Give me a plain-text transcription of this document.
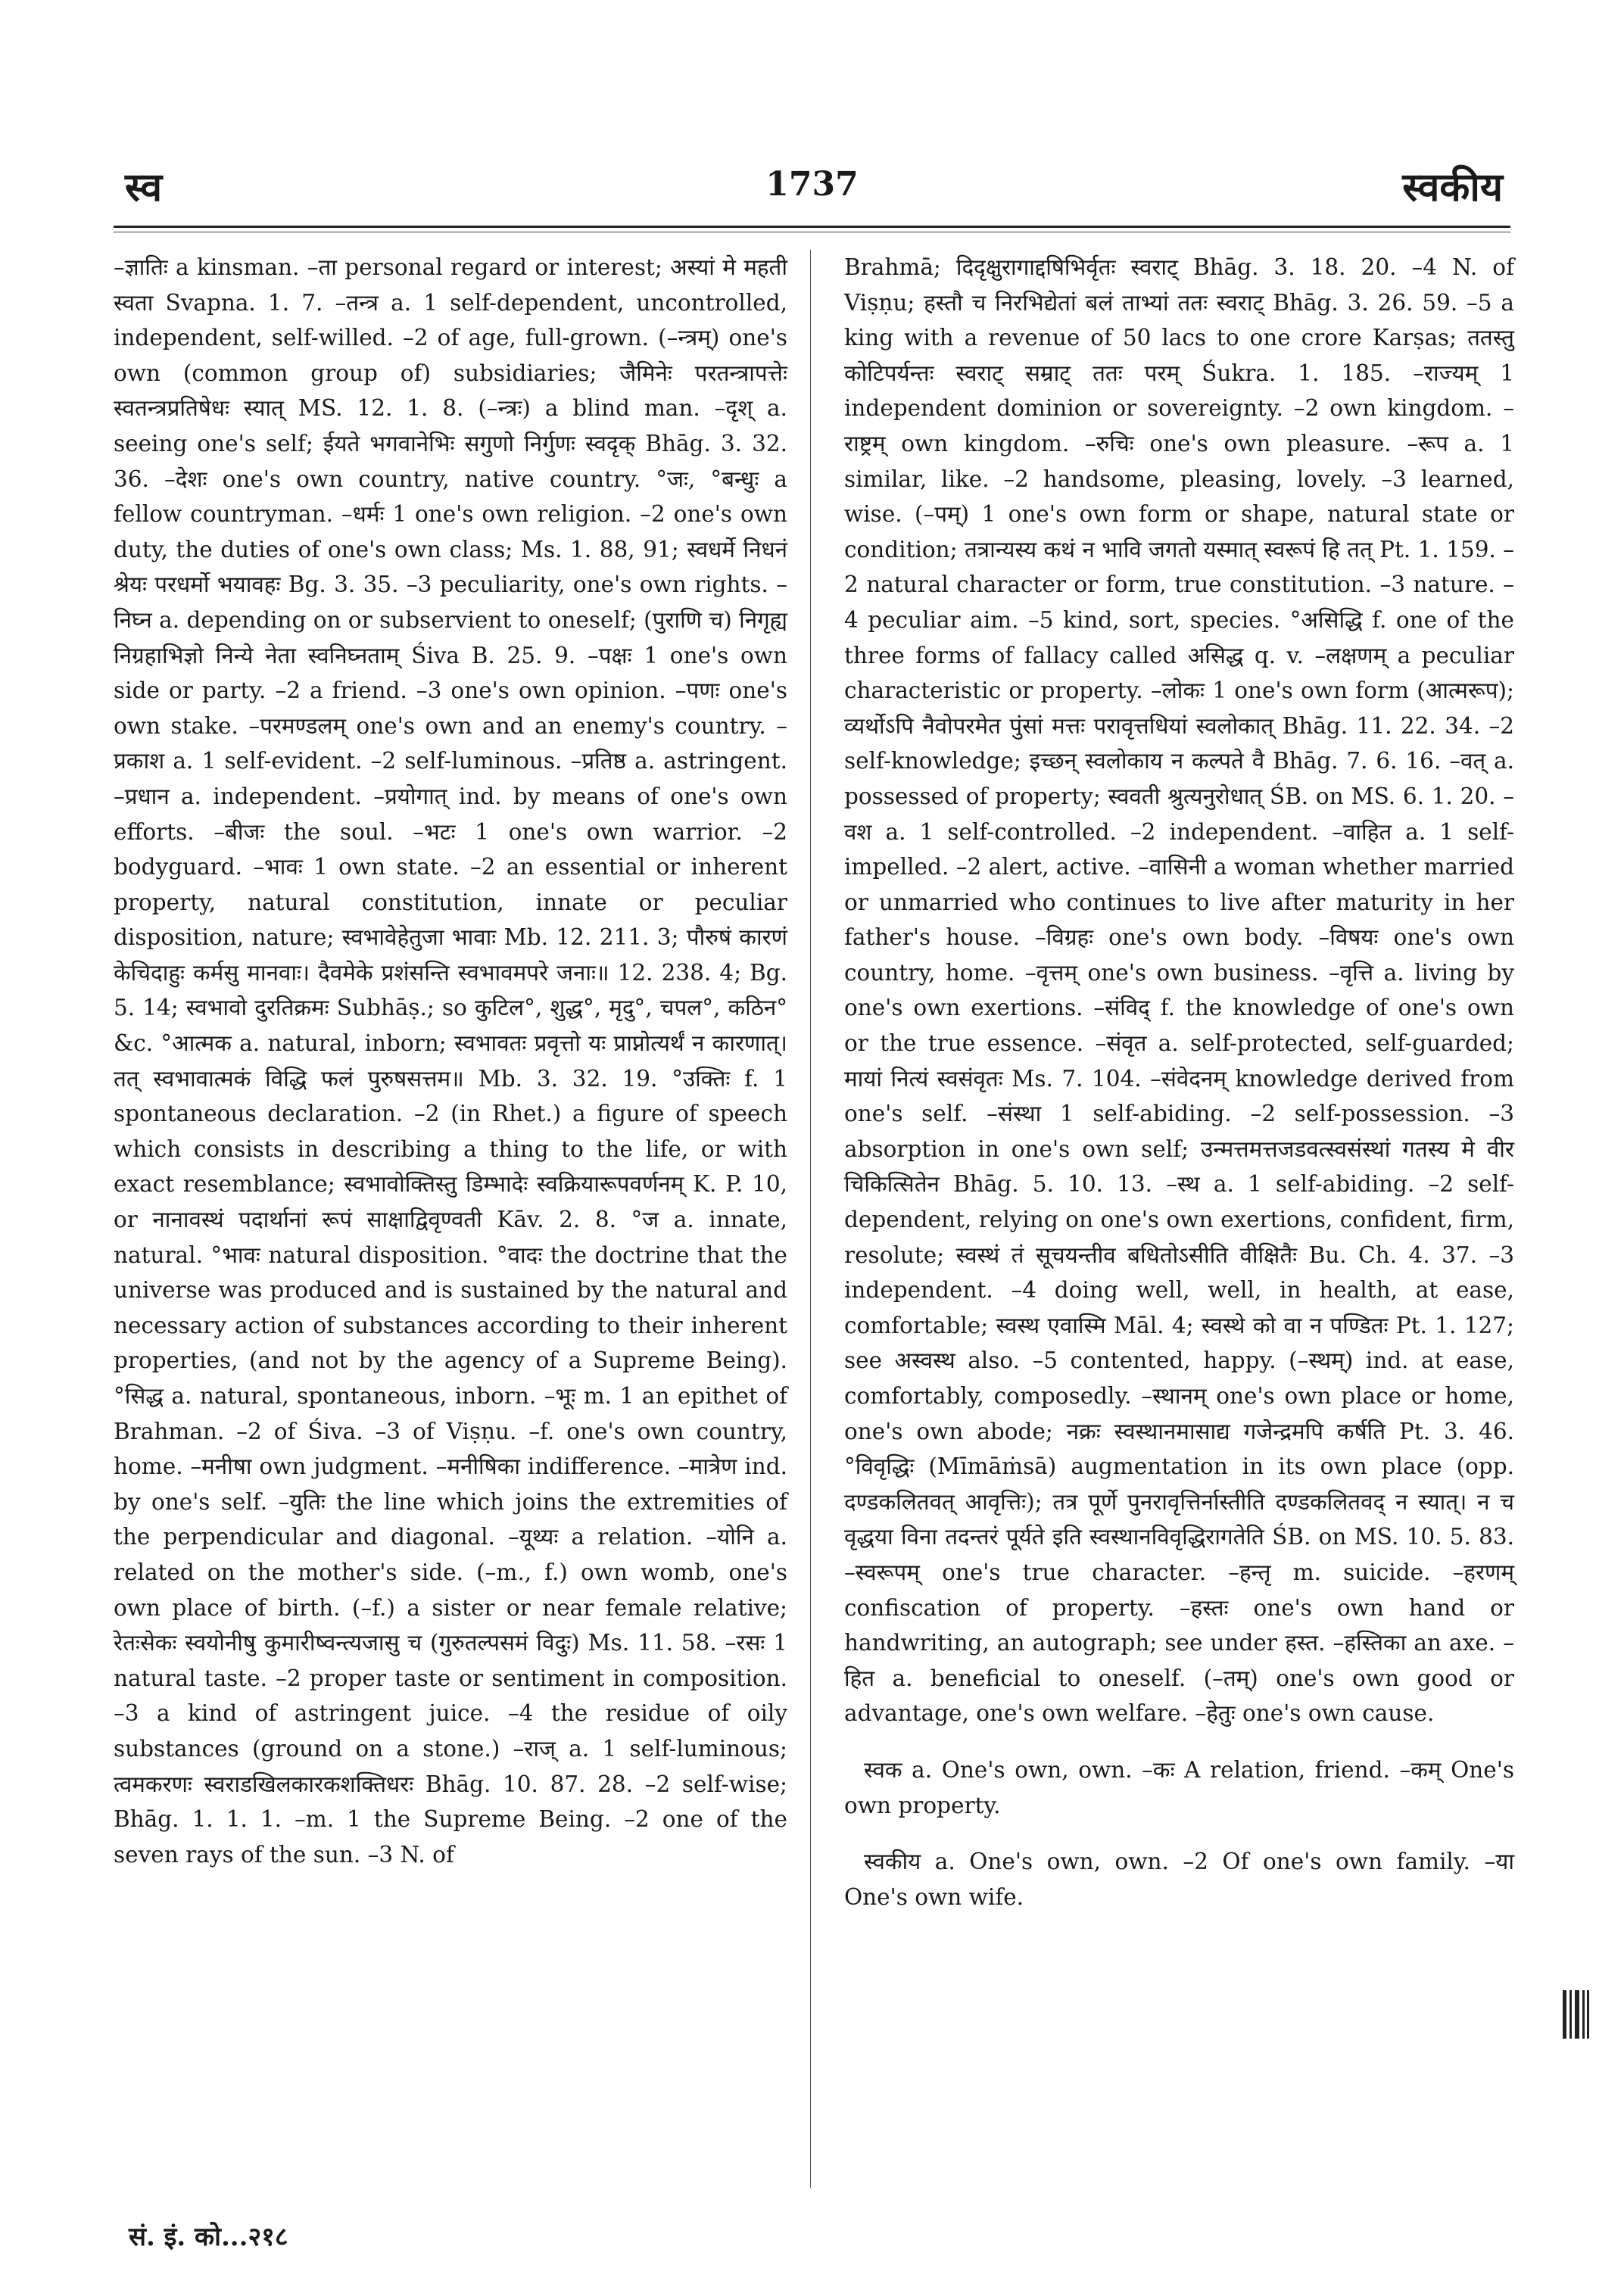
स्व	1737	स्वकीय

–ज्ञातिः a kinsman. –ता personal regard or interest; अस्यां मे महती स्वता Svapna. 1. 7. –तन्त्र a. 1 self-dependent, uncontrolled, independent, self-willed. –2 of age, full-grown. (–न्त्रम्) one's own (common group of) subsidiaries; जैमिनेः परतन्त्रापत्तेः स्वतन्त्रप्रतिषेधः स्यात् MS. 12. 1. 8. (–न्त्रः) a blind man. –दृश् a. seeing one's self; ईयते भगवानेभिः सगुणो निर्गुणः स्वदृक् Bhāg. 3. 32. 36. –देशः one's own country, native country. °जः, °बन्धुः a fellow countryman. –धर्मः 1 one's own religion. –2 one's own duty, the duties of one's own class; Ms. 1. 88, 91; स्वधर्मे निधनं श्रेयः परधर्मो भयावहः Bg. 3. 35. –3 peculiarity, one's own rights. –निघ्न a. depending on or subservient to oneself; (पुराणि च) निगृह्य निग्रहाभिज्ञो निन्ये नेता स्वनिघ्नताम् Śiva B. 25. 9. –पक्षः 1 one's own side or party. –2 a friend. –3 one's own opinion. –पणः one's own stake. –परमण्डलम् one's own and an enemy's country. –प्रकाश a. 1 self-evident. –2 self-luminous. –प्रतिष्ठ a. astringent. –प्रधान a. independent. –प्रयोगात् ind. by means of one's own efforts. –बीजः the soul. –भटः 1 one's own warrior. –2 bodyguard. –भावः 1 own state. –2 an essential or inherent property, natural constitution, innate or peculiar disposition, nature; स्वभावेहेतुजा भावाः Mb. 12. 211. 3; पौरुषं कारणं केचिदाहुः कर्मसु मानवाः। दैवमेके प्रशंसन्ति स्वभावमपरे जनाः॥ 12. 238. 4; Bg. 5. 14; स्वभावो दुरतिक्रमः Subhāṣ.; so कुटिल°, शुद्ध°, मृदु°, चपल°, कठिन° &c. °आत्मक a. natural, inborn; स्वभावतः प्रवृत्तो यः प्राप्नोत्यर्थं न कारणात्। तत् स्वभावात्मकं विद्धि फलं पुरुषसत्तम॥ Mb. 3. 32. 19. °उक्तिः f. 1 spontaneous declaration. –2 (in Rhet.) a figure of speech which consists in describing a thing to the life, or with exact resemblance; स्वभावोक्तिस्तु डिम्भादेः स्वक्रियारूपवर्णनम् K. P. 10, or नानावस्थं पदार्थानां रूपं साक्षाद्विवृण्वती Kāv. 2. 8. °ज a. innate, natural. °भावः natural disposition. °वादः the doctrine that the universe was produced and is sustained by the natural and necessary action of substances according to their inherent properties, (and not by the agency of a Supreme Being). °सिद्ध a. natural, spontaneous, inborn. –भूः m. 1 an epithet of Brahman. –2 of Śiva. –3 of Viṣṇu. –f. one's own country, home. –मनीषा own judgment. –मनीषिका indifference. –मात्रेण ind. by one's self. –युतिः the line which joins the extremities of the perpendicular and diagonal. –यूथ्यः a relation. –योनि a. related on the mother's side. (–m., f.) own womb, one's own place of birth. (–f.) a sister or near female relative; रेतःसेकः स्वयोनीषु कुमारीष्वन्त्यजासु च (गुरुतल्पसमं विदुः) Ms. 11. 58. –रसः 1 natural taste. –2 proper taste or sentiment in composition. –3 a kind of astringent juice. –4 the residue of oily substances (ground on a stone.) –राज् a. 1 self-luminous; त्वमकरणः स्वराडखिलकारकशक्तिधरः Bhāg. 10. 87. 28. –2 self-wise; Bhāg. 1. 1. 1. –m. 1 the Supreme Being. –2 one of the seven rays of the sun. –3 N. of

Brahmā; दिदृक्षुरागाद्दषिभिर्वृतः स्वराट् Bhāg. 3. 18. 20. –4 N. of Viṣṇu; हस्तौ च निरभिद्येतां बलं ताभ्यां ततः स्वराट् Bhāg. 3. 26. 59. –5 a king with a revenue of 50 lacs to one crore Karṣas; ततस्तु कोटिपर्यन्तः स्वराट् सम्राट् ततः परम् Śukra. 1. 185. –राज्यम् 1 independent dominion or sovereignty. –2 own kingdom. –राष्ट्रम् own kingdom. –रुचिः one's own pleasure. –रूप a. 1 similar, like. –2 handsome, pleasing, lovely. –3 learned, wise. (–पम्) 1 one's own form or shape, natural state or condition; तत्रान्यस्य कथं न भावि जगतो यस्मात् स्वरूपं हि तत् Pt. 1. 159. –2 natural character or form, true constitution. –3 nature. –4 peculiar aim. –5 kind, sort, species. °असिद्धि f. one of the three forms of fallacy called असिद्ध q. v. –लक्षणम् a peculiar characteristic or property. –लोकः 1 one's own form (आत्मरूप); व्यर्थोऽपि नैवोपरमेत पुंसां मत्तः परावृत्तधियां स्वलोकात् Bhāg. 11. 22. 34. –2 self-knowledge; इच्छन् स्वलोकाय न कल्पते वै Bhāg. 7. 6. 16. –वत् a. possessed of property; स्ववती श्रुत्यनुरोधात् ŚB. on MS. 6. 1. 20. –वश a. 1 self-controlled. –2 independent. –वाहित a. 1 self-impelled. –2 alert, active. –वासिनी a woman whether married or unmarried who continues to live after maturity in her father's house. –विग्रहः one's own body. –विषयः one's own country, home. –वृत्तम् one's own business. –वृत्ति a. living by one's own exertions. –संविद् f. the knowledge of one's own or the true essence. –संवृत a. self-protected, self-guarded; मायां नित्यं स्वसंवृतः Ms. 7. 104. –संवेदनम् knowledge derived from one's self. –संस्था 1 self-abiding. –2 self-possession. –3 absorption in one's own self; उन्मत्तमत्तजडवत्स्वसंस्थां गतस्य मे वीर चिकित्सितेन Bhāg. 5. 10. 13. –स्थ a. 1 self-abiding. –2 self-dependent, relying on one's own exertions, confident, firm, resolute; स्वस्थं तं सूचयन्तीव बधितोऽसीति वीक्षितैः Bu. Ch. 4. 37. –3 independent. –4 doing well, well, in health, at ease, comfortable; स्वस्थ एवास्मि Māl. 4; स्वस्थे को वा न पण्डितः Pt. 1. 127; see अस्वस्थ also. –5 contented, happy. (–स्थम्) ind. at ease, comfortably, composedly. –स्थानम् one's own place or home, one's own abode; नक्रः स्वस्थानमासाद्य गजेन्द्रमपि कर्षति Pt. 3. 46. °विवृद्धिः (Mīmāṁsā) augmentation in its own place (opp. दण्डकलितवत् आवृत्तिः); तत्र पूर्णे पुनरावृत्तिर्नास्तीति दण्डकलितवद् न स्यात्। न च वृद्धया विना तदन्तरं पूर्यते इति स्वस्थानविवृद्धिरागतेति ŚB. on MS. 10. 5. 83. –स्वरूपम् one's true character. –हन्तृ m. suicide. –हरणम् confiscation of property. –हस्तः one's own hand or handwriting, an autograph; see under हस्त. –हस्तिका an axe. –हित a. beneficial to oneself. (–तम्) one's own good or advantage, one's own welfare. –हेतुः one's own cause.

स्वक a. One's own, own. –कः A relation, friend. –कम् One's own property.

स्वकीय a. One's own, own. –2 Of one's own family. –या One's own wife.

सं. इं. को...२१८
